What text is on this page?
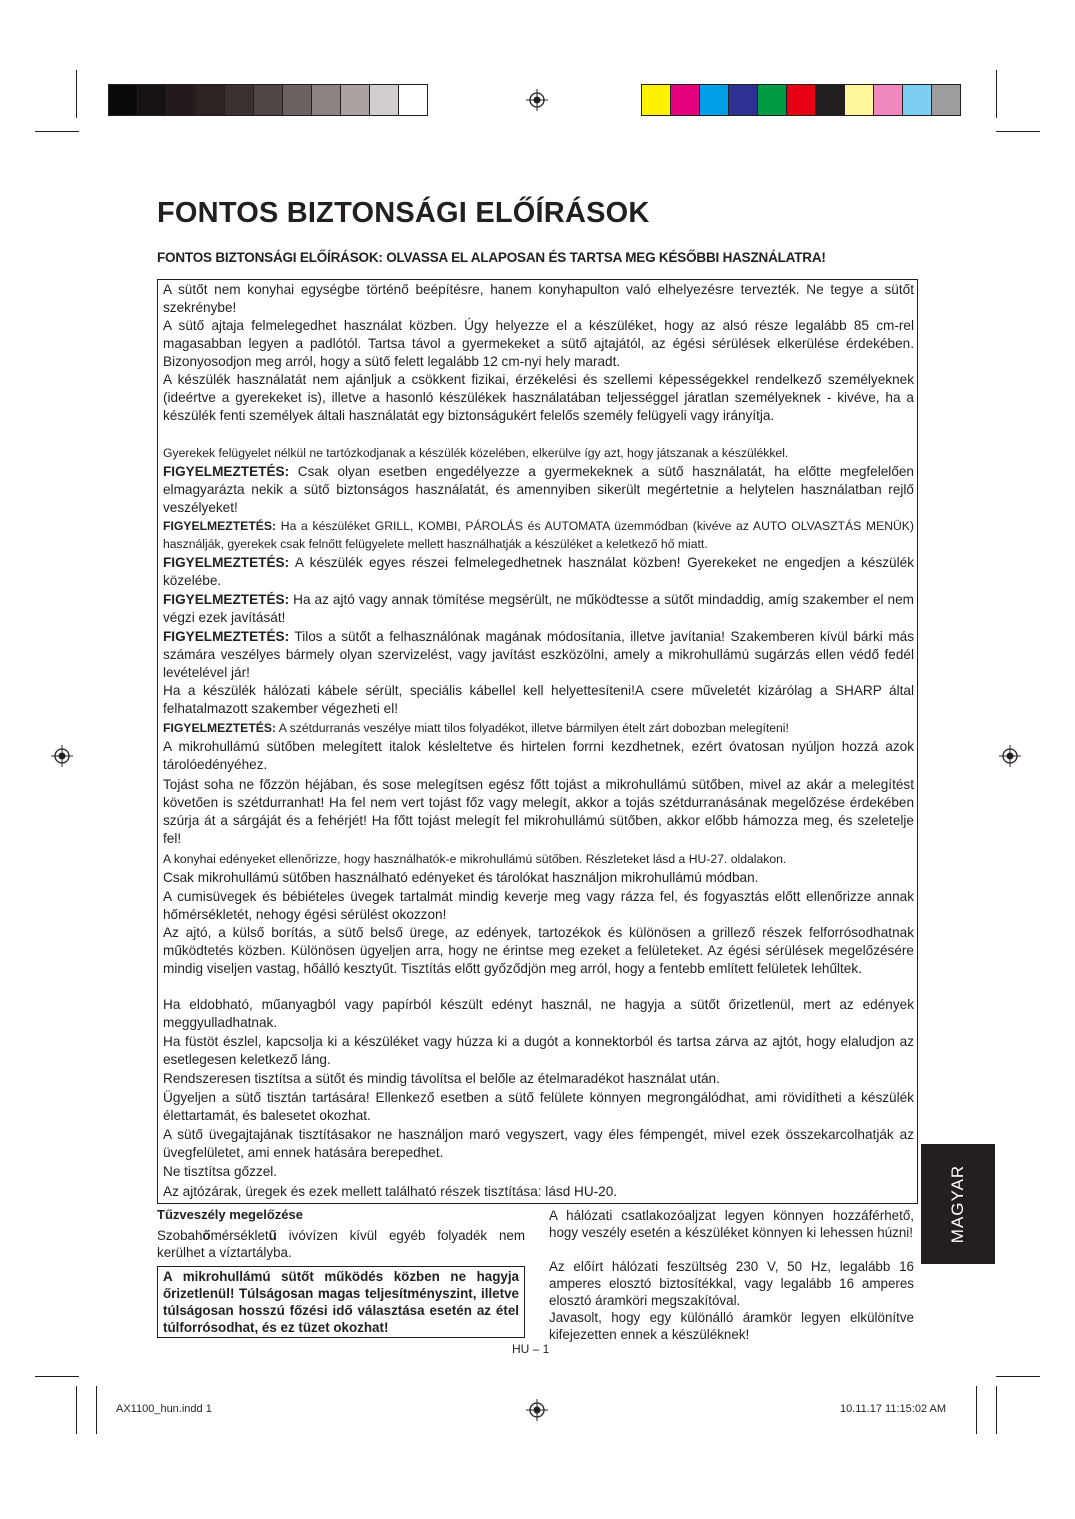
FONTOS BIZTONSÁGI ELŐÍRÁSOK
FONTOS BIZTONSÁGI ELŐÍRÁSOK: OLVASSA EL ALAPOSAN ÉS TARTSA MEG KÉSŐBBI HASZNÁLATRA!
A sütőt nem konyhai egységbe történő beépítésre, hanem konyhapulton való elhelyezésre tervezték. Ne tegye a sütőt szekrénybe!
A sütő ajtaja felmelegedhet használat közben. Úgy helyezze el a készüléket, hogy az alsó része legalább 85 cm-rel magasabban legyen a padlótól. Tartsa távol a gyermekeket a sütő ajtajától, az égési sérülések elkerülése érdekében. Bizonyosodjon meg arról, hogy a sütő felett legalább 12 cm-nyi hely maradt.
A készülék használatát nem ajánljuk a csökkent fizikai, érzékelési és szellemi képességekkel rendelkező személyeknek (ideértve a gyerekeket is), illetve a hasonló készülékek használatában teljességgel járatlan személyeknek - kivéve, ha a készülék fenti személyek általi használatát egy biztonságukért felelős személy felügyeli vagy irányítja.
Gyerekek felügyelet nélkül ne tartózkodjanak a készülék közelében, elkerülve így azt, hogy játszanak a készülékkel.
FIGYELMEZTETÉS: Csak olyan esetben engedélyezze a gyermekeknek a sütő használatát, ha előtte megfelelően elmagyarázta nekik a sütő biztonságos használatát, és amennyiben sikerült megértetnie a helytelen használatban rejlő veszélyeket!
FIGYELMEZTETÉS: Ha a készüléket GRILL, KOMBI, PÁROLÁS és AUTOMATA üzemmódban (kivéve az AUTO OLVASZTÁS MENÜK) használják, gyerekek csak felnőtt felügyelete mellett használhatják a készüléket a keletkező hő miatt.
FIGYELMEZTETÉS: A készülék egyes részei felmelegedhetnek használat közben! Gyerekeket ne engedjen a készülék közelébe.
FIGYELMEZTETÉS: Ha az ajtó vagy annak tömítése megsérült, ne működtesse a sütőt mindaddig, amíg szakember el nem végzi ezek javítását!
FIGYELMEZTETÉS: Tilos a sütőt a felhasználónak magának módosítania, illetve javítania! Szakemberen kívül bárki más számára veszélyes bármely olyan szervizelést, vagy javítást eszközölni, amely a mikrohullámú sugárzás ellen védő fedél levételével jár!
Ha a készülék hálózati kábele sérült, speciális kábellel kell helyettesíteni!A csere műveletét kizárólag a SHARP által felhatalmazott szakember végezheti el!
FIGYELMEZTETÉS: A szétdurranás veszélye miatt tilos folyadékot, illetve bármilyen ételt zárt dobozban melegíteni!
A mikrohullámú sütőben melegített italok késleltetve és hirtelen forrni kezdhetnek, ezért óvatosan nyúljon hozzá azok tárolóedényéhez.
Tojást soha ne főzzön héjában, és sose melegítsen egész főtt tojást a mikrohullámú sütőben, mivel az akár a melegítést követően is szétdurranhat! Ha fel nem vert tojást főz vagy melegít, akkor a tojás szétdurranásának megelőzése érdekében szúrja át a sárgáját és a fehérjét! Ha főtt tojást melegít fel mikrohullámú sütőben, akkor előbb hámozza meg, és szeletelje fel!
A konyhai edényeket ellenőrizze, hogy használhatók-e mikrohullámú sütőben. Részleteket lásd a HU-27. oldalakon.
Csak mikrohullámú sütőben használható edényeket és tárolókat használjon mikrohullámú módban.
A cumisüvegek és bébiételes üvegek tartalmát mindig keverje meg vagy rázza fel, és fogyasztás előtt ellenőrizze annak hőmérsékletét, nehogy égési sérülést okozzon!
Az ajtó, a külső borítás, a sütő belső ürege, az edények, tartozékok és különösen a grillező részek felforrósodhatnak működtetés közben. Különösen ügyeljen arra, hogy ne érintse meg ezeket a felületeket. Az égési sérülések megelőzésére mindig viseljen vastag, hőálló kesztyűt. Tisztítás előtt győződjön meg arról, hogy a fentebb említett felületek lehűltek.
Ha eldobható, műanyagból vagy papírból készült edényt használ, ne hagyja a sütőt őrizetlenül, mert az edények meggyulladhatnak.
Ha füstöt észlel, kapcsolja ki a készüléket vagy húzza ki a dugót a konnektorból és tartsa zárva az ajtót, hogy elaludjon az esetlegesen keletkező láng.
Rendszeresen tisztítsa a sütőt és mindig távolítsa el belőle az ételmaradékot használat után.
Ügyeljen a sütő tisztán tartására! Ellenkező esetben a sütő felülete könnyen megrongálódhat, ami rövidítheti a készülék élettartamát, és balesetet okozhat.
A sütő üvegajtajának tisztításakor ne használjon maró vegyszert, vagy éles fémpengét, mivel ezek összekarcolhatják az üvegfelületet, ami ennek hatására berepedhet.
Ne tisztítsa gőzzel.
Az ajtózárak, üregek és ezek mellett található részek tisztítása: lásd HU-20.	MAGYAR
Tűzveszély megelőzése
Szobahőmérsékletű ivóvízen kívül egyéb folyadék nem kerülhet a víztartályba.
A mikrohullámú sütőt működés közben ne hagyja őrizetlenül! Túlságosan magas teljesítményszint, illetve túlságosan hosszú főzési idő választása esetén az étel túlforrósodhat, és ez tüzet okozhat!
A hálózati csatlakozóaljzat legyen könnyen hozzáférhető, hogy veszély esetén a készüléket könnyen ki lehessen húzni!
Az előírt hálózati feszültség 230 V, 50 Hz, legalább 16 amperes elosztó biztosítékkal, vagy legalább 16 amperes elosztó áramköri megszakítóval.
Javasolt, hogy egy különálló áramkör legyen elkülönítve kifejezetten ennek a készüléknek!
HU – 1
AX1100_hun.indd 1	10.11.17 11:15:02 AM
